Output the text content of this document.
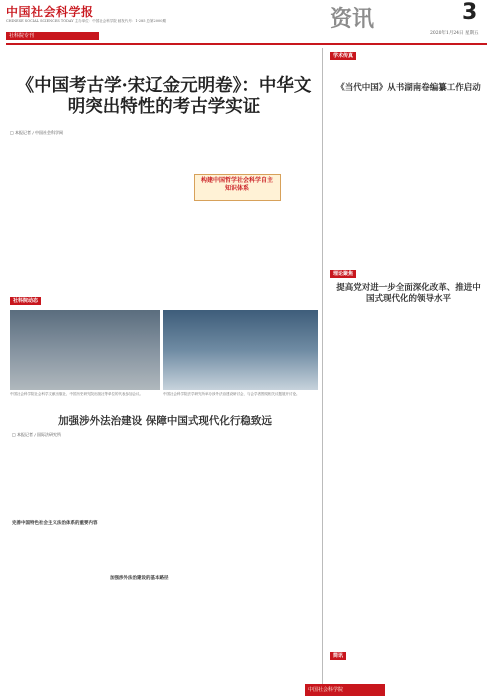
中国社会科学报
CHINESE SOCIAL SCIENCES TODAY 主办单位：中国社会科学院 邮发代号：1-285 总第2000期
社科院专刊
资讯	3
2020年1月24日 星期五
《中国考古学·宋辽金元明卷》：中华文明突出特性的考古学实证
□ 本报记者 / 中国社会科学网

构建中国哲学社会科学自主知识体系
学术传真
《当代中国》从书湖南卷编纂工作启动
社科院动态
中国社会科学院社会科学文献出版社、中国历史研究院出版社等单位的代表参加会议。	中国社会科学院法学研究所举办涉外法治建设研讨会，与会学者围绕相关议题展开讨论。
加强涉外法治建设 保障中国式现代化行稳致远
□ 本报记者 / 国际法研究所
完善中国特色社会主义法治体系的重要内容
加强涉外法治建设的基本路径
理论聚焦
提高党对进一步全面深化改革、推进中国式现代化的领导水平
简讯
中国社会科学院
